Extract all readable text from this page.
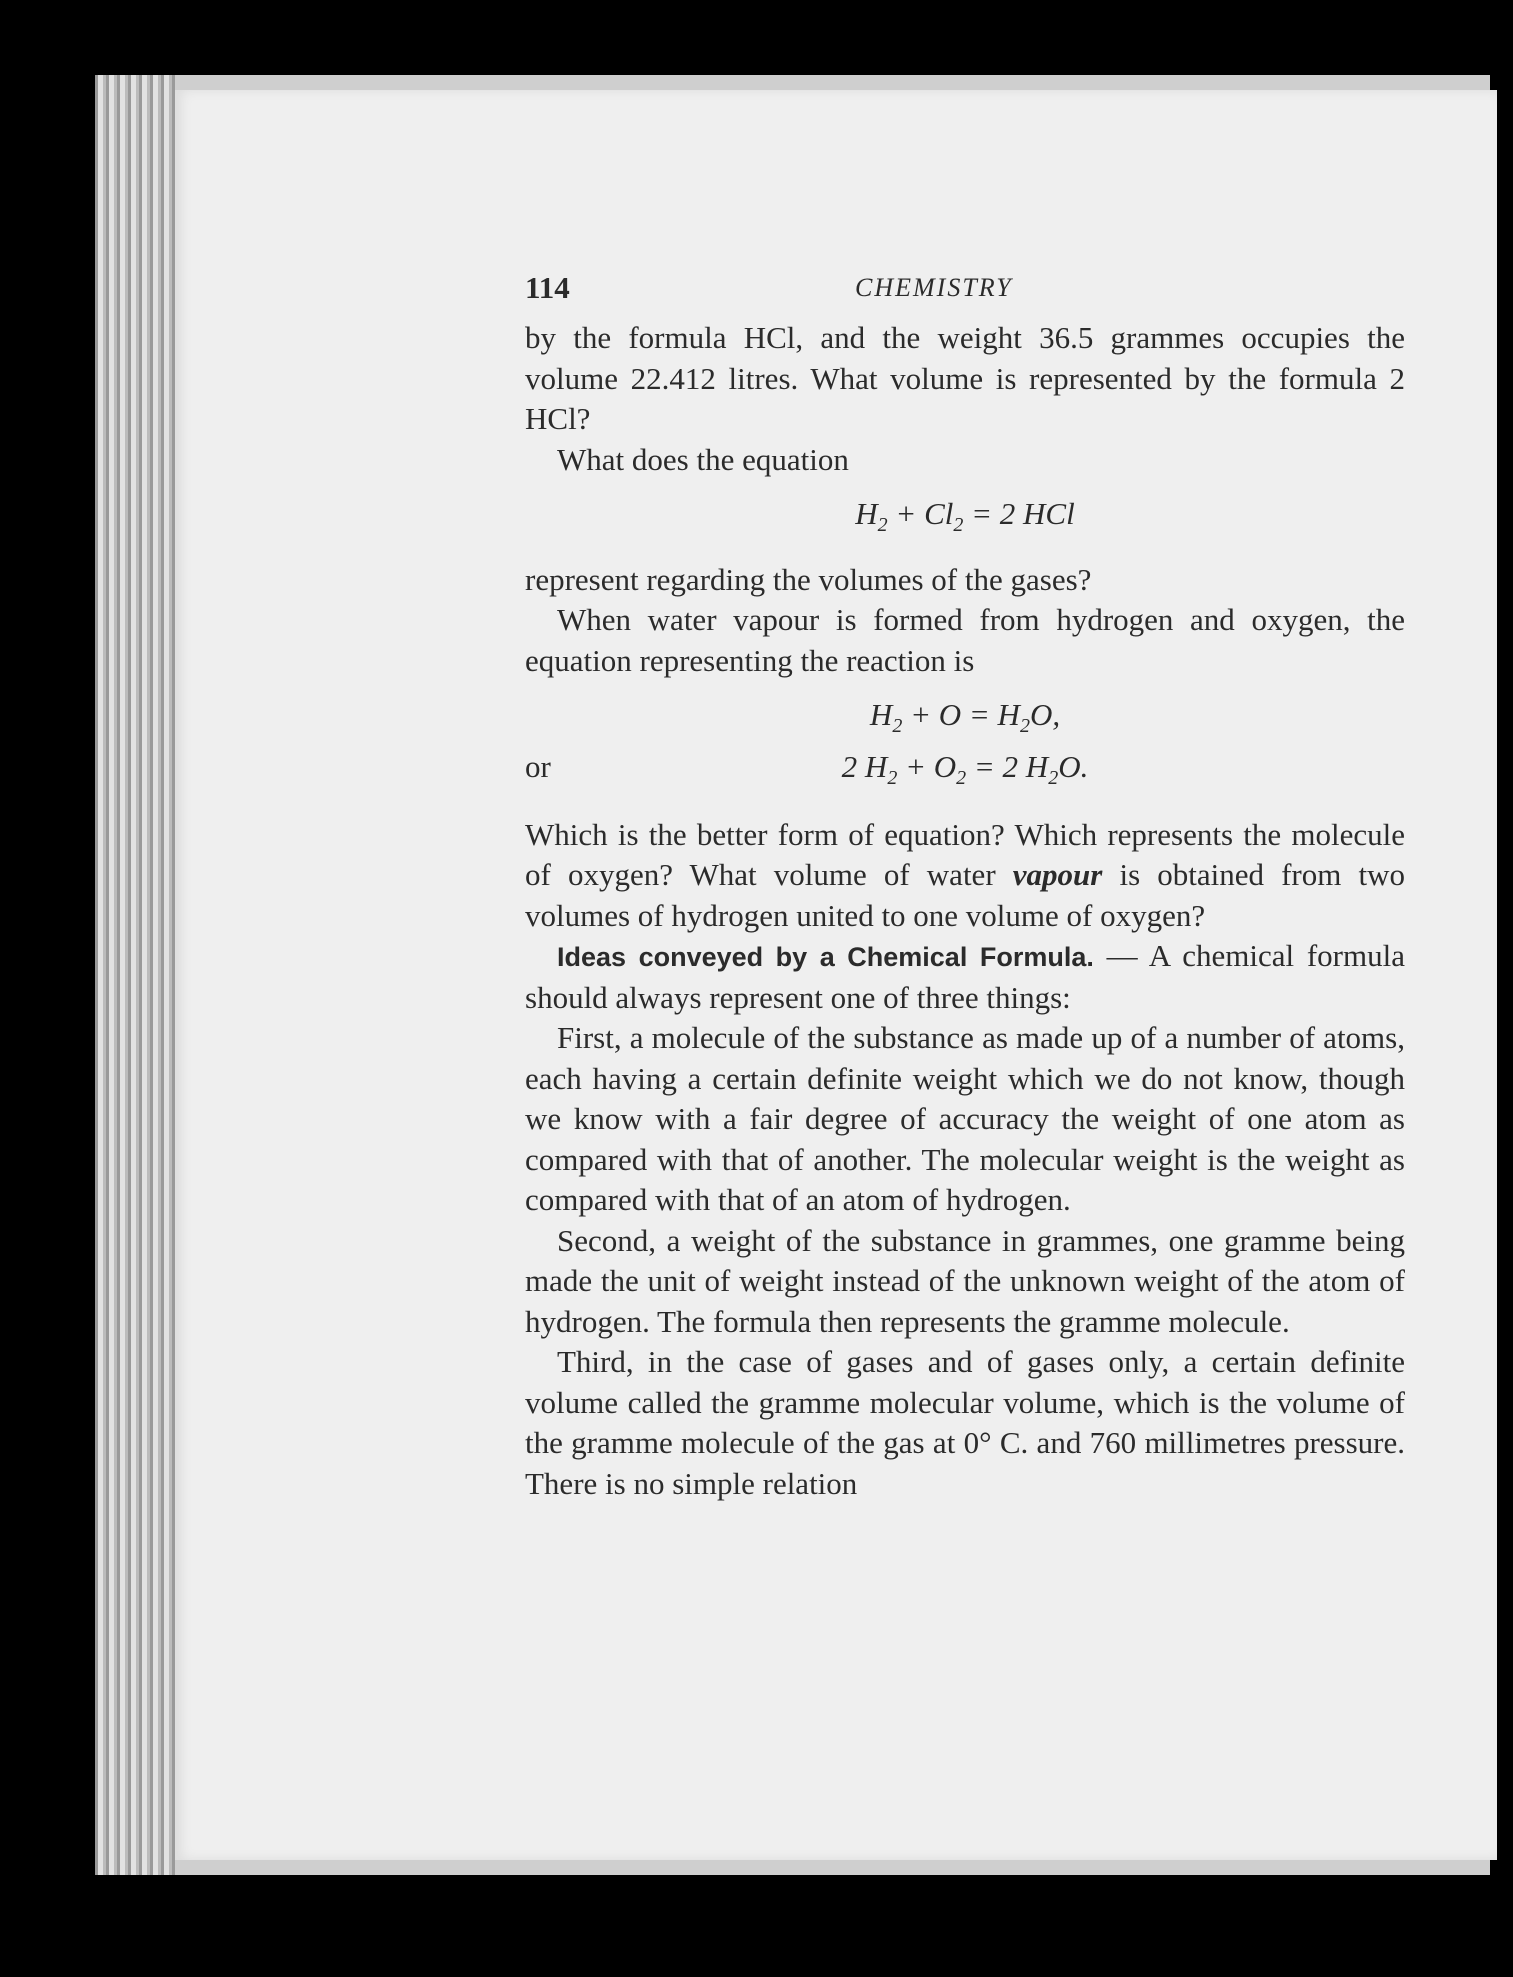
114	CHEMISTRY

by the formula HCl, and the weight 36.5 grammes occupies the volume 22.412 litres. What volume is represented by the formula 2 HCl?

What does the equation

$H_2 + Cl_2 = 2$ HCl

represent regarding the volumes of the gases?

When water vapour is formed from hydrogen and oxygen, the equation representing the reaction is

$H_2 + O = H_2O$,
or	2 $H_2 + O_2 = 2$ $H_2O$.

Which is the better form of equation? Which represents the molecule of oxygen? What volume of water vapour is obtained from two volumes of hydrogen united to one volume of oxygen?

Ideas conveyed by a Chemical Formula. — A chemical formula should always represent one of three things:

First, a molecule of the substance as made up of a number of atoms, each having a certain definite weight which we do not know, though we know with a fair degree of accuracy the weight of one atom as compared with that of another. The molecular weight is the weight as compared with that of an atom of hydrogen.

Second, a weight of the substance in grammes, one gramme being made the unit of weight instead of the unknown weight of the atom of hydrogen. The formula then represents the gramme molecule.

Third, in the case of gases and of gases only, a certain definite volume called the gramme molecular volume, which is the volume of the gramme molecule of the gas at 0° C. and 760 millimetres pressure. There is no simple relation
